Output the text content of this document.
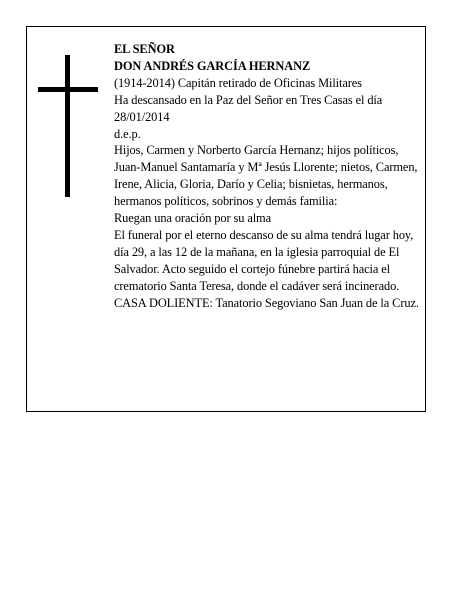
EL SEÑOR

DON ANDRÉS GARCÍA HERNANZ

(1914-2014) Capitán retirado de Oficinas Militares

Ha descansado en la Paz del Señor en Tres Casas el día 28/01/2014

d.e.p.

Hijos, Carmen y Norberto García Hernanz; hijos políticos, Juan-Manuel Santamaría y Mª Jesús Llorente; nietos, Carmen, Irene, Alicia, Gloria, Darío y Celia; bisnietas, hermanos, hermanos políticos, sobrinos y demás familia:

Ruegan una oración por su alma

El funeral por el eterno descanso de su alma tendrá lugar hoy, día 29, a las 12 de la mañana, en la iglesia parroquial de El Salvador. Acto seguido el cortejo fúnebre partirá hacia el crematorio Santa Teresa, donde el cadáver será incinerado.

CASA DOLIENTE: Tanatorio Segoviano San Juan de la Cruz.
